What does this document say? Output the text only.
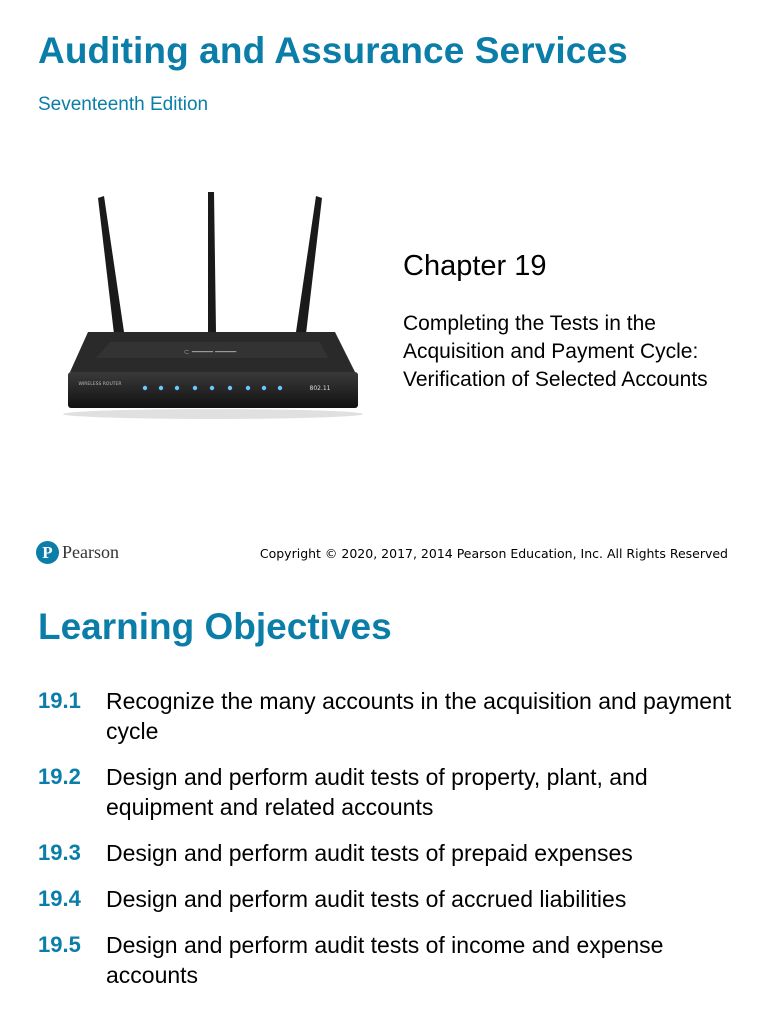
Auditing and Assurance Services
Seventeenth Edition
⊂ ━━━━━ ━━━━━
WIRELESS ROUTER
802.11
Chapter 19
Completing the Tests in the Acquisition and Payment Cycle: Verification of Selected Accounts
P Pearson	Copyright © 2020, 2017, 2014 Pearson Education, Inc. All Rights Reserved
Learning Objectives
19.1	Recognize the many accounts in the acquisition and payment cycle
19.2	Design and perform audit tests of property, plant, and equipment and related accounts
19.3	Design and perform audit tests of prepaid expenses
19.4	Design and perform audit tests of accrued liabilities
19.5	Design and perform audit tests of income and expense accounts
